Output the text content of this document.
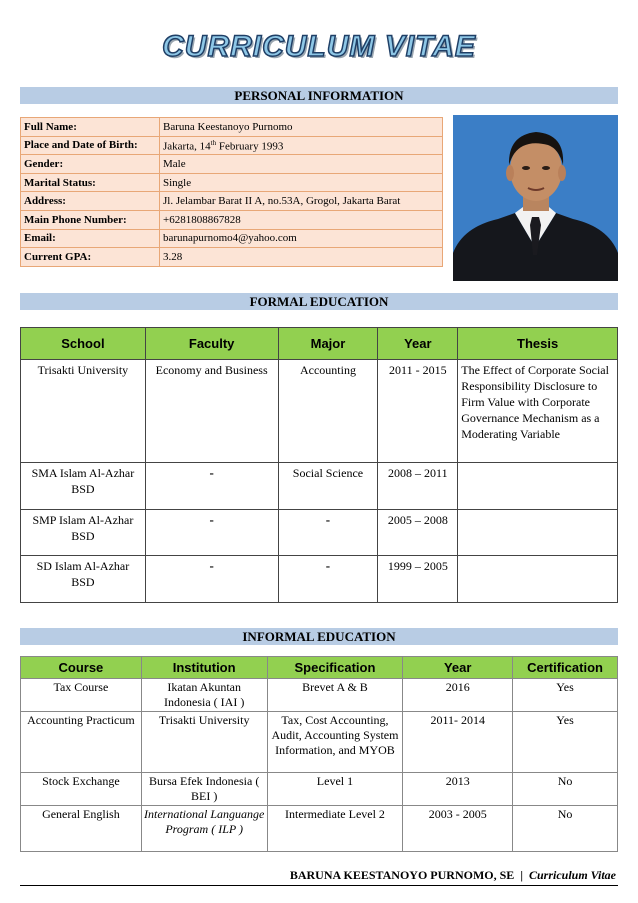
CURRICULUM VITAE
PERSONAL INFORMATION
Full Name:	Baruna Keestanoyo Purnomo
Place and Date of Birth:	Jakarta, 14th February 1993
Gender:	Male
Marital Status:	Single
Address:	Jl. Jelambar Barat II A, no.53A, Grogol, Jakarta Barat
Main Phone Number:	+6281808867828
Email:	barunapurnomo4@yahoo.com
Current GPA:	3.28
FORMAL EDUCATION
School	Faculty	Major	Year	Thesis
Trisakti University	Economy and Business	Accounting	2011 - 2015	The Effect of Corporate Social Responsibility Disclosure to Firm Value with Corporate Governance Mechanism as a Moderating Variable
SMA Islam Al-Azhar BSD	-	Social Science	2008 – 2011	
SMP Islam Al-Azhar BSD	-	-	2005 – 2008	
SD Islam Al-Azhar BSD	-	-	1999 – 2005	
INFORMAL EDUCATION
Course	Institution	Specification	Year	Certification
Tax Course	Ikatan Akuntan Indonesia ( IAI )	Brevet A & B	2016	Yes
Accounting Practicum	Trisakti University	Tax, Cost Accounting, Audit, Accounting System Information, and MYOB	2011- 2014	Yes
Stock Exchange	Bursa Efek Indonesia ( BEI )	Level 1	2013	No
General English	International Languange Program ( ILP )	Intermediate Level 2	2003 - 2005	No
BARUNA KEESTANOYO PURNOMO, SE | Curriculum Vitae
